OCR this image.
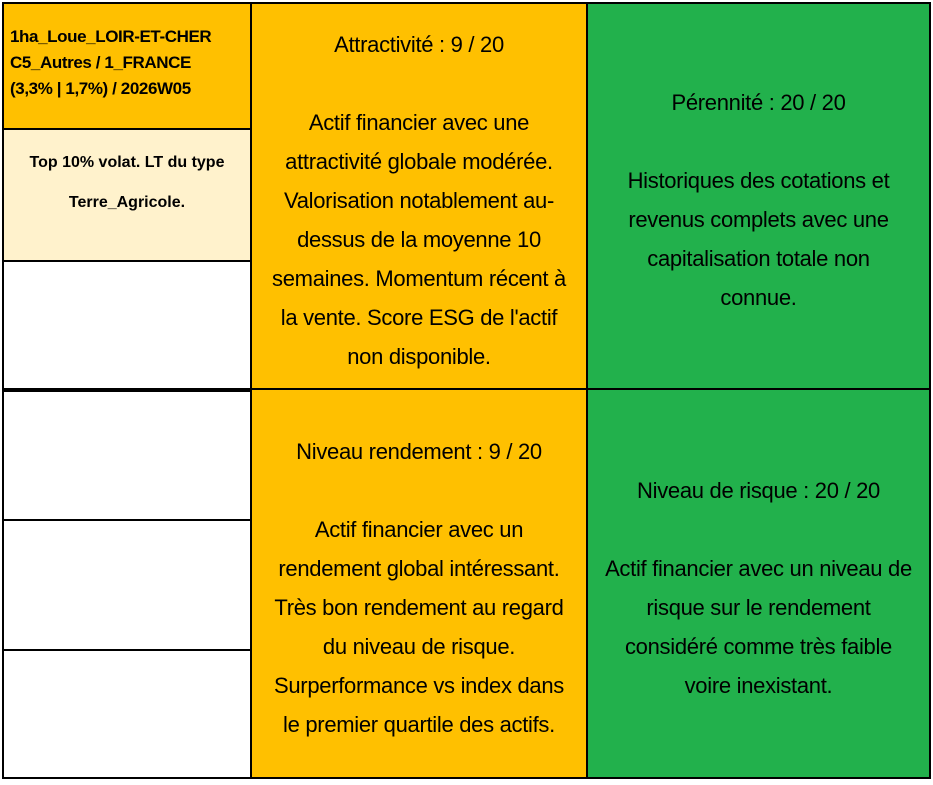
1ha_Loue_LOIR-ET-CHER
C5_Autres / 1_FRANCE
(3,3% | 1,7%) / 2026W05
Top 10% volat. LT du type

Terre_Agricole.
Attractivité : 9 / 20
Actif financier avec une
attractivité globale modérée.
Valorisation notablement au-
dessus de la moyenne 10
semaines. Momentum récent à
la vente. Score ESG de l'actif
non disponible.
Pérennité : 20 / 20
Historiques des cotations et
revenus complets avec une
capitalisation totale non
connue.
Niveau rendement : 9 / 20
Actif financier avec un
rendement global intéressant.
Très bon rendement au regard
du niveau de risque.
Surperformance vs index dans
le premier quartile des actifs.
Niveau de risque : 20 / 20
Actif financier avec un niveau de
risque sur le rendement
considéré comme très faible
voire inexistant.
